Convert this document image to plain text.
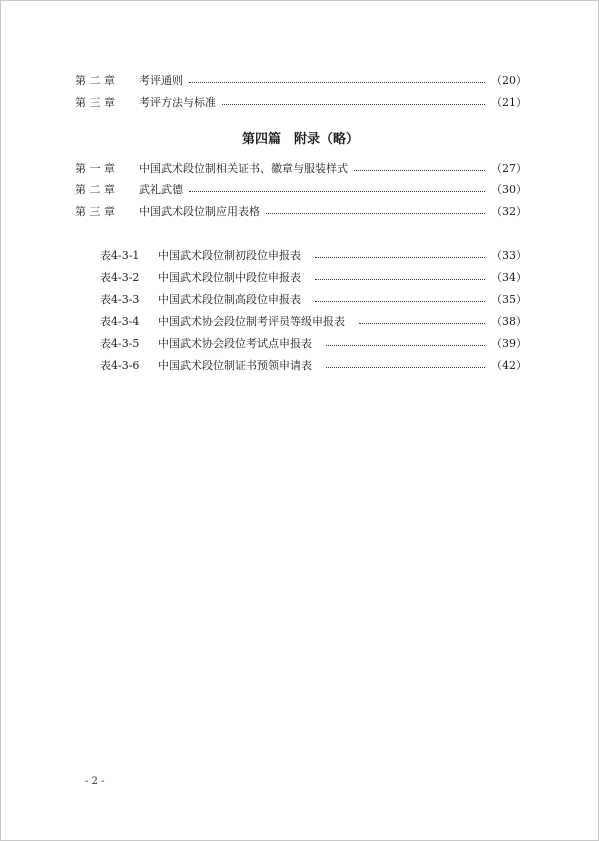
第 二 章	考评通则	（20）
第 三 章	考评方法与标准	（21）
第四篇　附录（略）
第 一 章	中国武术段位制相关证书、徽章与服装样式	（27）
第 二 章	武礼武德	（30）
第 三 章	中国武术段位制应用表格	（32）
表4-3-1	中国武术段位制初段位申报表	（33）
表4-3-2	中国武术段位制中段位申报表	（34）
表4-3-3	中国武术段位制高段位申报表	（35）
表4-3-4	中国武术协会段位制考评员等级申报表	（38）
表4-3-5	中国武术协会段位考试点申报表	（39）
表4-3-6	中国武术段位制证书预领申请表	（42）
- 2 -
